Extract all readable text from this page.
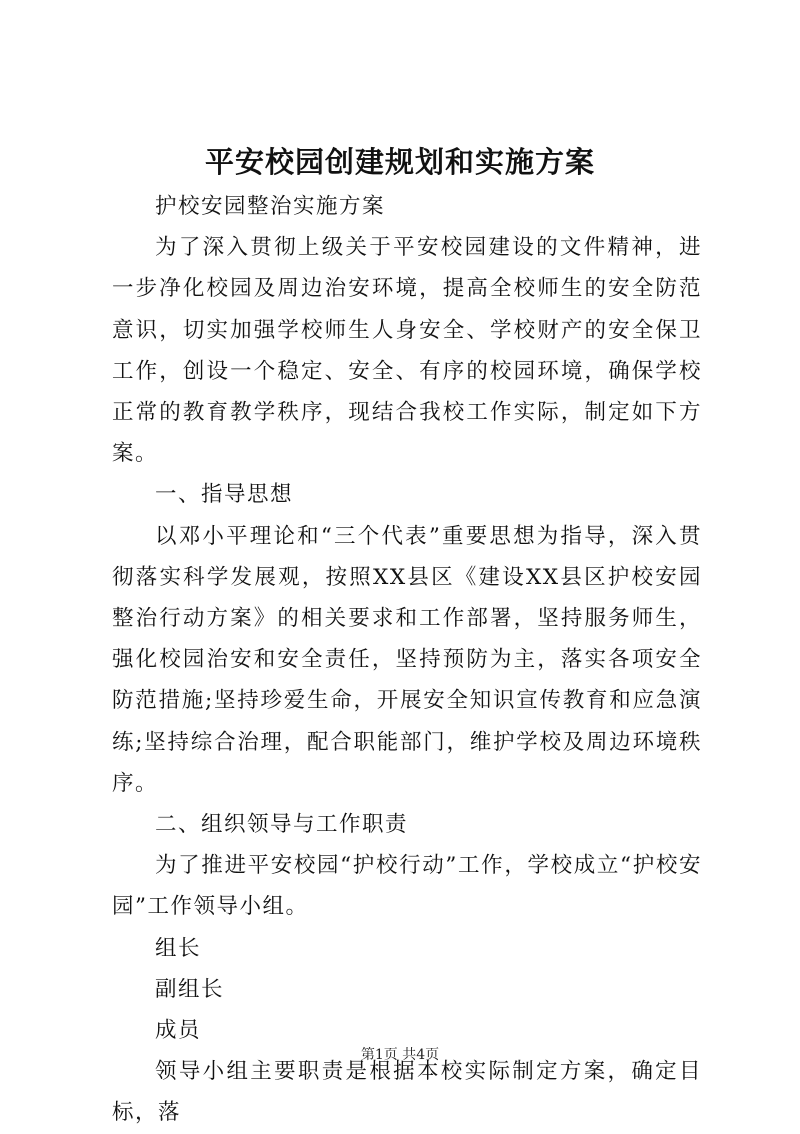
平安校园创建规划和实施方案

护校安园整治实施方案

为了深入贯彻上级关于平安校园建设的文件精神，进一步净化校园及周边治安环境，提高全校师生的安全防范意识，切实加强学校师生人身安全、学校财产的安全保卫工作，创设一个稳定、安全、有序的校园环境，确保学校正常的教育教学秩序，现结合我校工作实际，制定如下方案。

一、指导思想

以邓小平理论和“三个代表”重要思想为指导，深入贯彻落实科学发展观，按照XX县区《建设XX县区护校安园整治行动方案》的相关要求和工作部署，坚持服务师生，强化校园治安和安全责任，坚持预防为主，落实各项安全防范措施;坚持珍爱生命，开展安全知识宣传教育和应急演练;坚持综合治理，配合职能部门，维护学校及周边环境秩序。

二、组织领导与工作职责

为了推进平安校园“护校行动”工作，学校成立“护校安园”工作领导小组。

组长

副组长

成员

领导小组主要职责是根据本校实际制定方案，确定目标，落

第1页 共4页
